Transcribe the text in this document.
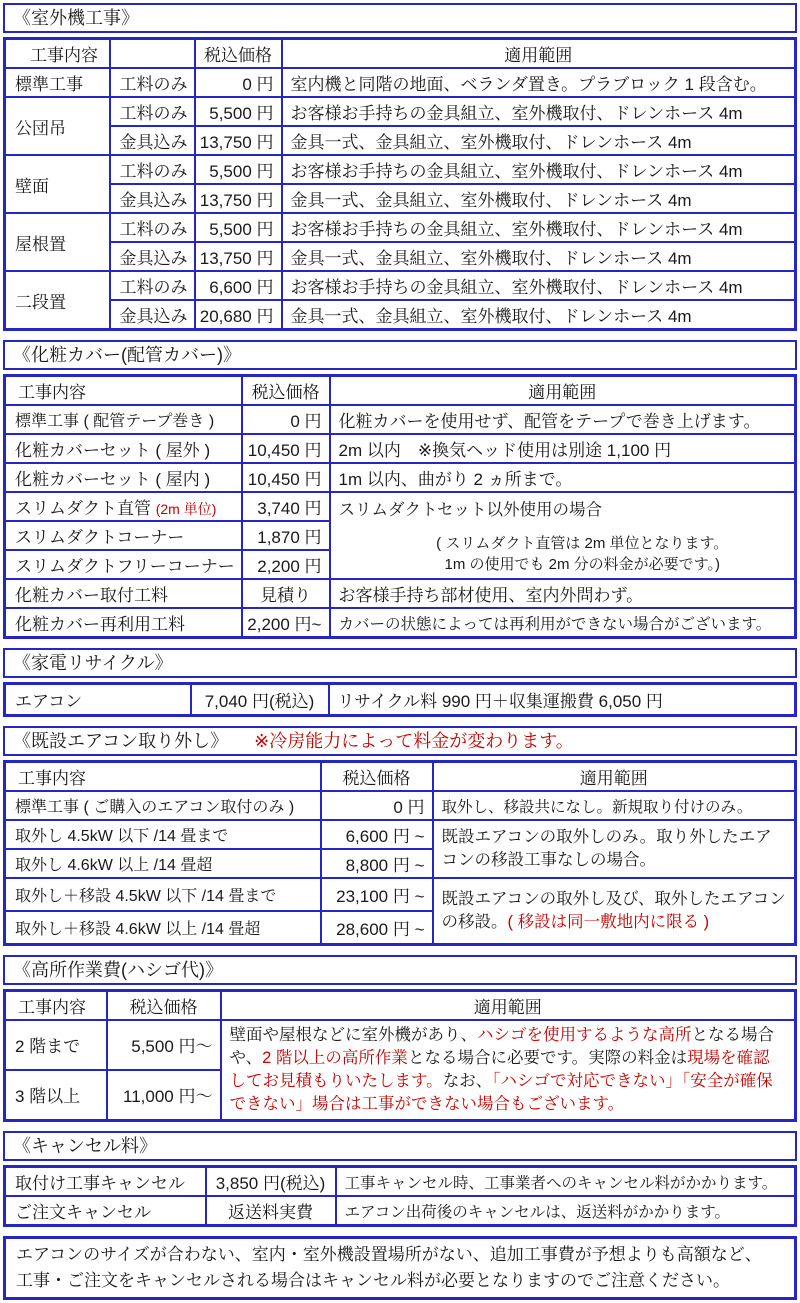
《室外機工事》
工事内容		税込価格	適用範囲
標準工事	工料のみ	0 円	室内機と同階の地面、ベランダ置き。プラブロック 1 段含む。
公団吊	工料のみ	5,500 円	お客様お手持ちの金具組立、室外機取付、ドレンホース 4m
	金具込み	13,750 円	金具一式、金具組立、室外機取付、ドレンホース 4m
壁面	工料のみ	5,500 円	お客様お手持ちの金具組立、室外機取付、ドレンホース 4m
	金具込み	13,750 円	金具一式、金具組立、室外機取付、ドレンホース 4m
屋根置	工料のみ	5,500 円	お客様お手持ちの金具組立、室外機取付、ドレンホース 4m
	金具込み	13,750 円	金具一式、金具組立、室外機取付、ドレンホース 4m
二段置	工料のみ	6,600 円	お客様お手持ちの金具組立、室外機取付、ドレンホース 4m
	金具込み	20,680 円	金具一式、金具組立、室外機取付、ドレンホース 4m
《化粧カバー(配管カバー)》
工事内容	税込価格	適用範囲
標準工事 ( 配管テープ巻き )	0 円	化粧カバーを使用せず、配管をテープで巻き上げます。
化粧カバーセット ( 屋外 )	10,450 円	2m 以内　※換気ヘッド使用は別途 1,100 円
化粧カバーセット ( 屋内 )	10,450 円	1m 以内、曲がり 2 ヵ所まで。
スリムダクト直管 (2m 単位)	3,740 円	スリムダクトセット以外使用の場合
( スリムダクト直管は 2m 単位となります。
1m の使用でも 2m 分の料金が必要です。)

スリムダクトコーナー	1,870 円	
スリムダクトフリーコーナー	2,200 円	
化粧カバー取付工料	見積り	お客様手持ち部材使用、室内外問わず。
化粧カバー再利用工料	2,200 円~	カバーの状態によっては再利用ができない場合がございます。
《家電リサイクル》
エアコン	7,040 円(税込)	リサイクル料 990 円＋収集運搬費 6,050 円
《既設エアコン取り外し》 ※冷房能力によって料金が変わります。
工事内容	税込価格	適用範囲
標準工事 ( ご購入のエアコン取付のみ )	0 円	取外し、移設共になし。新規取り付けのみ。
取外し 4.5kW 以下 /14 畳まで	6,600 円 ~	既設エアコンの取外しのみ。取り外したエアコンの移設工事なしの場合。
取外し 4.6kW 以上 /14 畳超	8,800 円 ~	
取外し＋移設 4.5kW 以下 /14 畳まで	23,100 円 ~	既設エアコンの取外し及び、取外したエアコンの移設。( 移設は同一敷地内に限る )
取外し＋移設 4.6kW 以上 /14 畳超	28,600 円 ~	
《高所作業費(ハシゴ代)》
工事内容	税込価格	適用範囲
2 階まで	5,500 円～	壁面や屋根などに室外機があり、ハシゴを使用するような高所となる場合や、2 階以上の高所作業となる場合に必要です。実際の料金は現場を確認してお見積もりいたします。なお、「ハシゴで対応できない」「安全が確保できない」場合は工事ができない場合もございます。
3 階以上	11,000 円～	
《キャンセル料》
取付け工事キャンセル	3,850 円(税込)	工事キャンセル時、工事業者へのキャンセル料がかかります。
ご注文キャンセル	返送料実費	エアコン出荷後のキャンセルは、返送料がかかります。
エアコンのサイズが合わない、室内・室外機設置場所がない、追加工事費が予想よりも高額など、
工事・ご注文をキャンセルされる場合はキャンセル料が必要となりますのでご注意ください。
